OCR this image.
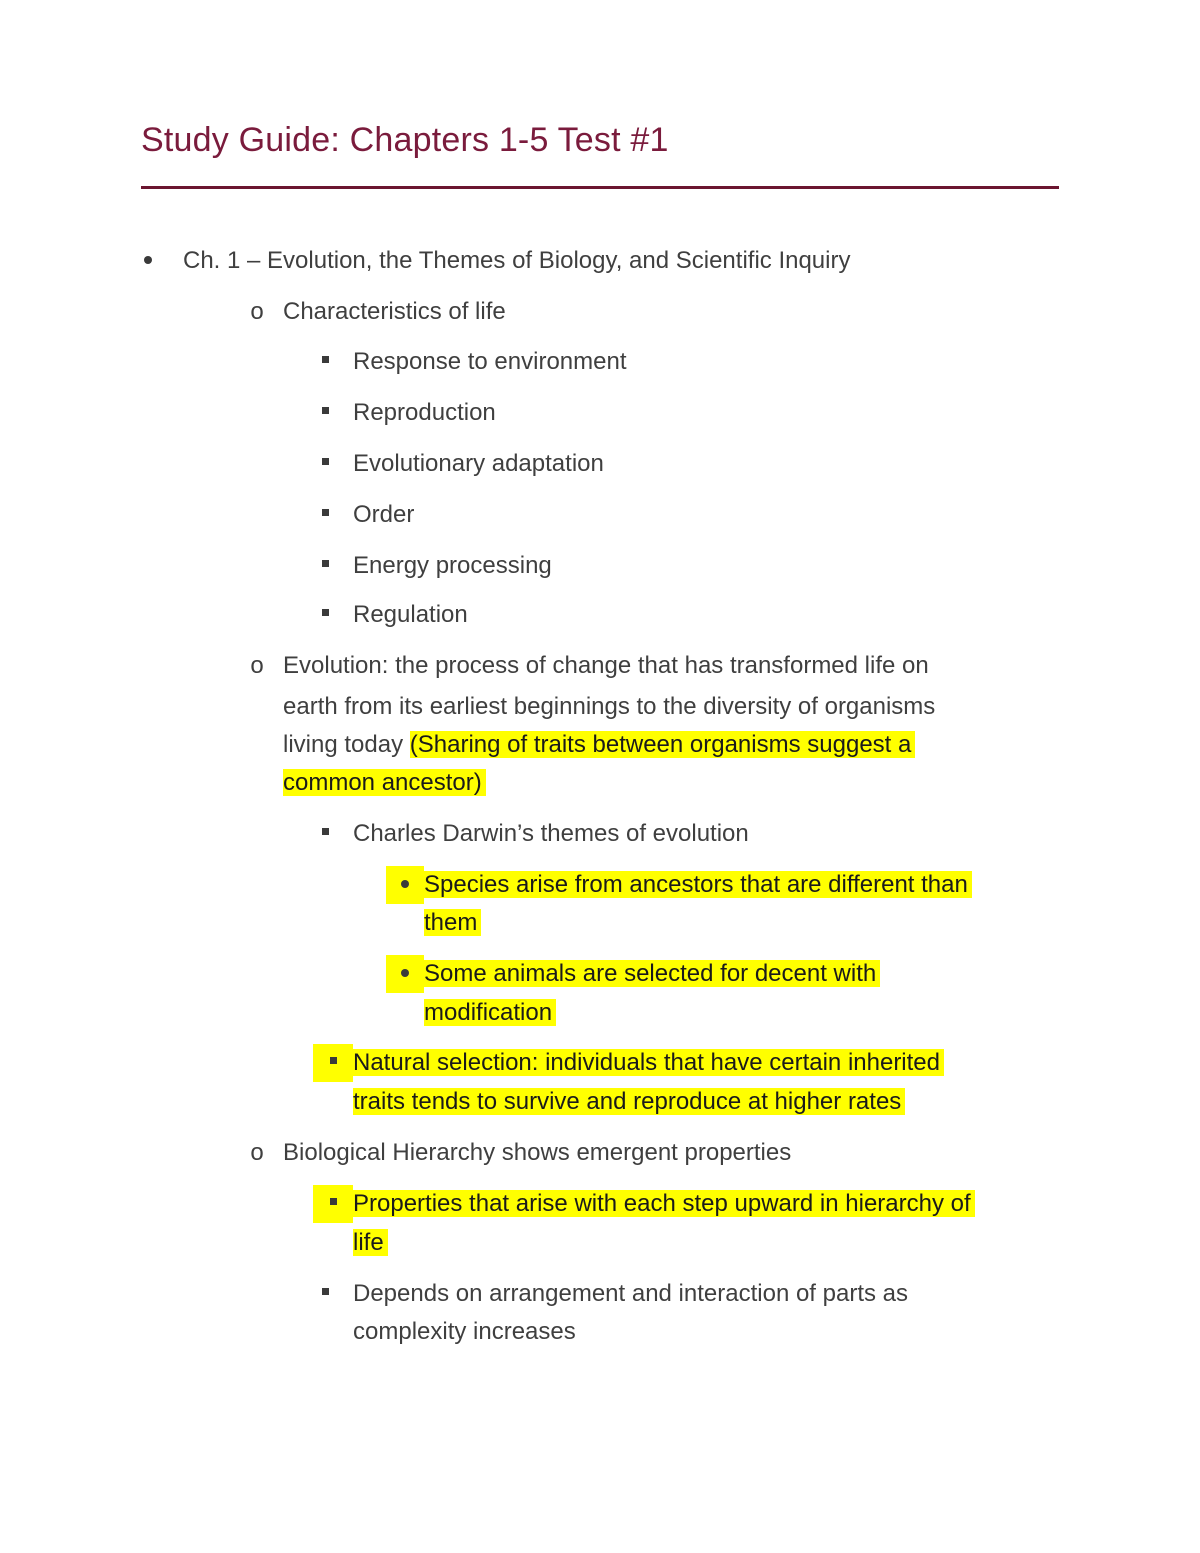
Study Guide: Chapters 1-5 Test #1
Ch. 1 – Evolution, the Themes of Biology, and Scientific Inquiry
o Characteristics of life
Response to environment
Reproduction
Evolutionary adaptation
Order
Energy processing
Regulation
o Evolution: the process of change that has transformed life on
earth from its earliest beginnings to the diversity of organisms
living today (Sharing of traits between organisms suggest a
common ancestor)
Charles Darwin’s themes of evolution
Species arise from ancestors that are different than
them
Some animals are selected for decent with
modification
Natural selection: individuals that have certain inherited
traits tends to survive and reproduce at higher rates
o Biological Hierarchy shows emergent properties
Properties that arise with each step upward in hierarchy of
life
Depends on arrangement and interaction of parts as
complexity increases
